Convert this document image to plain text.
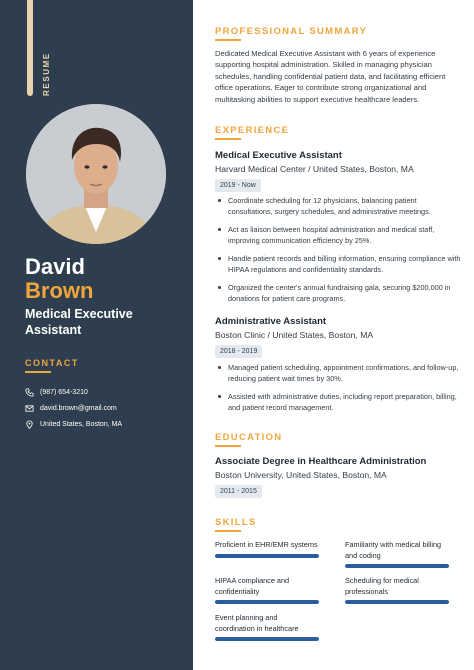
RESUME
David
Brown
Medical Executive Assistant
CONTACT
(987) 654-3210
david.brown@gmail.com
United States, Boston, MA
PROFESSIONAL SUMMARY
Dedicated Medical Executive Assistant with 6 years of experience supporting hospital administration. Skilled in managing physician schedules, handling confidential patient data, and facilitating efficient office operations. Eager to contribute strong organizational and multitasking abilities to support executive healthcare leaders.
EXPERIENCE
Medical Executive Assistant
Harvard Medical Center / United States, Boston, MA
2019 - Now
Coordinate scheduling for 12 physicians, balancing patient consultations, surgery schedules, and administrative meetings.
Act as liaison between hospital administration and medical staff, improving communication efficiency by 25%.
Handle patient records and billing information, ensuring compliance with HIPAA regulations and confidentiality standards.
Organized the center's annual fundraising gala, securing $200,000 in donations for patient care programs.
Administrative Assistant
Boston Clinic / United States, Boston, MA
2018 - 2019
Managed patient scheduling, appointment confirmations, and follow-up, reducing patient wait times by 30%.
Assisted with administrative duties, including report preparation, billing, and patient record management.
EDUCATION
Associate Degree in Healthcare Administration
Boston University, United States, Boston, MA
2011 - 2015
SKILLS
Proficient in EHR/EMR systems	Familiarity with medical billing and coding
HIPAA compliance and confidentiality
Scheduling for medical professionals
Event planning and coordination in healthcare
